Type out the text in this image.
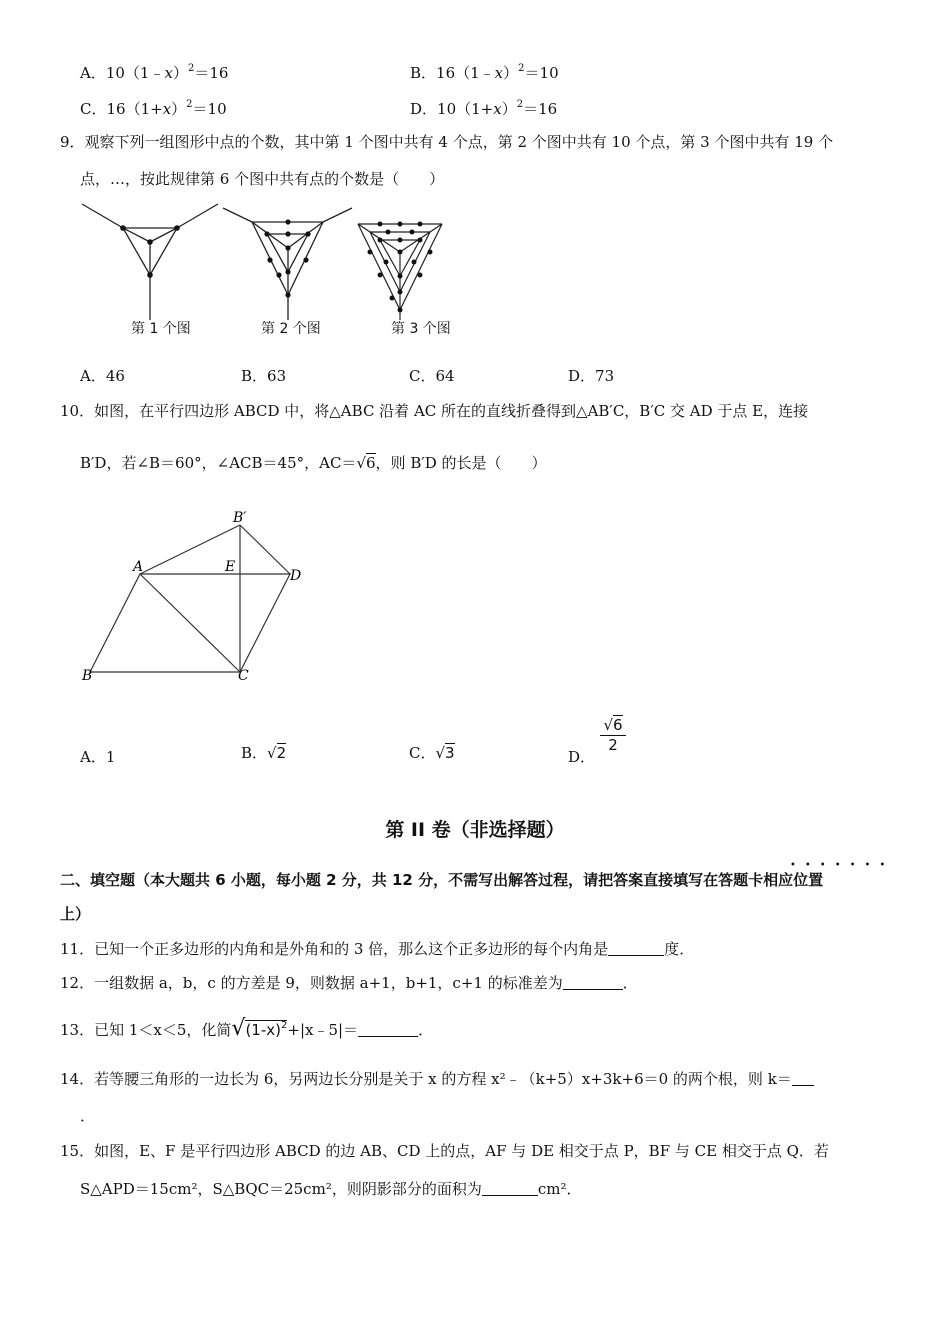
A．10（1﹣x）$^2$＝16	B．16（1﹣x）$^2$＝10
C．$16(1+x)^2=10$	D．$10(1+x)^2=16$
9．观察下列一组图形中点的个数，其中第 1 个图中共有 4 个点，第 2 个图中共有 10 个点，第 3 个图中共有 19 个
点，…，按此规律第 6 个图中共有点的个数是（　　）
第 1 个图	第 2 个图	第 3 个图
A．46	B．63	C．64	D．73
10．如图，在平行四边形 ABCD 中，将△ABC 沿着 AC 所在的直线折叠得到△AB′C，B′C 交 AD 于点 E，连接
B′D，若∠B＝60°，∠ACB＝45°，AC＝√6，则 B′D 的长是（　　）
A
B	C
D
E
B′
A．1	B．√2	C．√3	D．
√6
2
第 II 卷（非选择题）
•••••••
二、填空题（本大题共 6 小题，每小题 2 分，共 12 分，不需写出解答过程，请把答案直接填写在答题卡相应位置
上）
11．已知一个正多边形的内角和是外角和的 3 倍，那么这个正多边形的每个内角是	度．
12．一组数据 a，b，c 的方差是 9，则数据 a+1，b+1，c+1 的标准差为	．
13．已知 1＜x＜5，化简$√(1-x)^2+|x﹣5|=$	．
14．若等腰三角形的一边长为 6，另两边长分别是关于 x 的方程 x²﹣（k+5）x+3k+6＝0 的两个根，则 k＝
．
15．如图，E、F 是平行四边形 ABCD 的边 AB、CD 上的点，AF 与 DE 相交于点 P，BF 与 CE 相交于点 Q．若
S△APD＝15cm²，S△BQC＝25cm²，则阴影部分的面积为	cm²．
